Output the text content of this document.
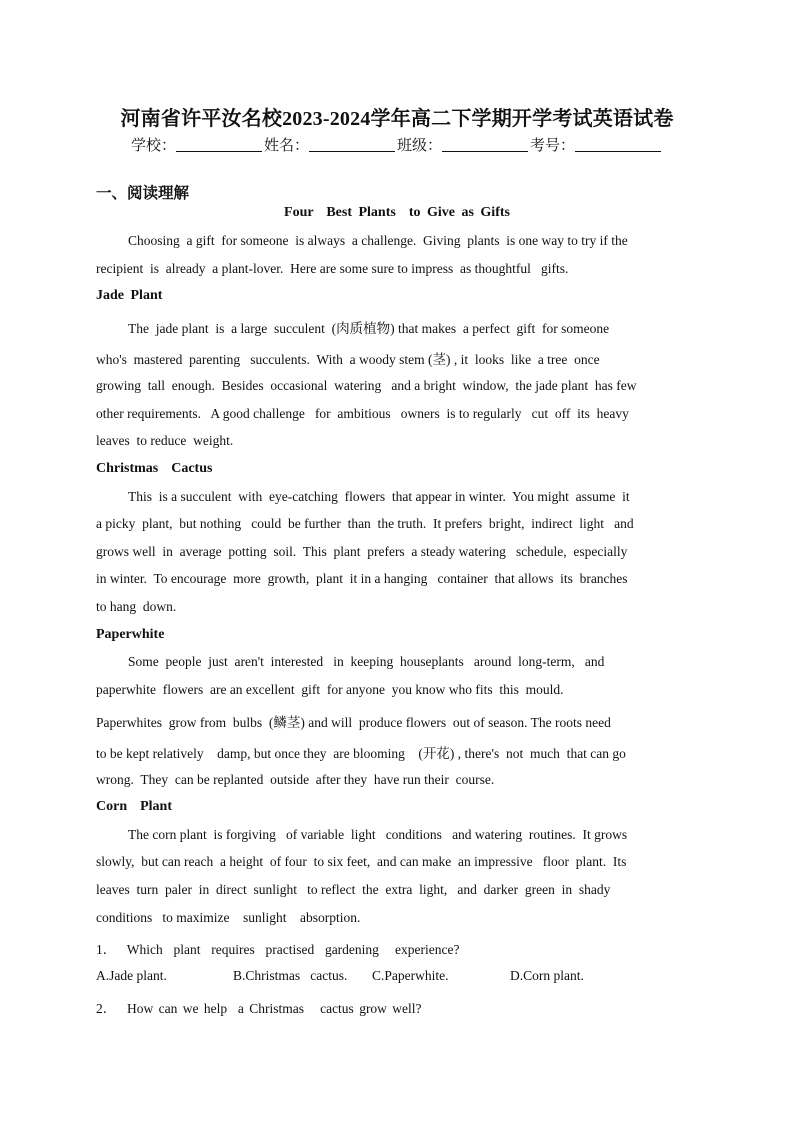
河南省许平汝名校2023-2024学年高二下学期开学考试英语试卷
学校：	姓名：	班级：	考号：
一、阅读理解
Four  Best Plants  to Give as Gifts
Choosing  a gift  for someone  is always  a challenge.  Giving  plants  is one way to try if the
recipient  is  already  a plant-lover.  Here are some sure to impress  as thoughtful   gifts.
Jade Plant
The  jade plant  is  a large  succulent  (肉质植物) that makes  a perfect  gift  for someone
who's  mastered  parenting   succulents.  With  a woody stem (茎) , it  looks  like  a tree  once
growing  tall  enough.  Besides  occasional  watering   and a bright  window,  the jade plant  has few
other requirements.   A good challenge   for  ambitious   owners  is to regularly   cut  off  its  heavy
leaves  to reduce  weight.
Christmas  Cactus
This  is a succulent  with  eye-catching  flowers  that appear in winter.  You might  assume  it
a picky  plant,  but nothing   could  be further  than  the truth.  It prefers  bright,  indirect  light   and
grows well  in  average  potting  soil.  This  plant  prefers  a steady watering   schedule,  especially
in winter.  To encourage  more  growth,  plant  it in a hanging   container  that allows  its  branches
to hang  down.
Paperwhite
Some  people  just  aren't  interested   in  keeping  houseplants   around  long-term,   and
paperwhite  flowers  are an excellent  gift  for anyone  you know who fits  this  mould.
Paperwhites  grow from  bulbs  (鳞茎) and will  produce flowers  out of season. The roots need
to be kept relatively    damp, but once they  are blooming    (开花) , there's  not  much  that can go
wrong.  They  can be replanted  outside  after they  have run their  course.
Corn  Plant
The corn plant  is forgiving   of variable  light   conditions   and watering  routines.  It grows
slowly,  but can reach  a height  of four  to six feet,  and can make  an impressive   floor  plant.  Its
leaves  turn  paler  in  direct  sunlight   to reflect  the  extra  light,   and  darker  green  in  shady
conditions   to maximize    sunlight    absorption.
1．  Which  plant  requires  practised  gardening   experience?
A.Jade plant.	B.Christmas   cactus. C.Paperwhite.	D.Corn plant.
2．  How can we help  a Christmas   cactus grow well?
